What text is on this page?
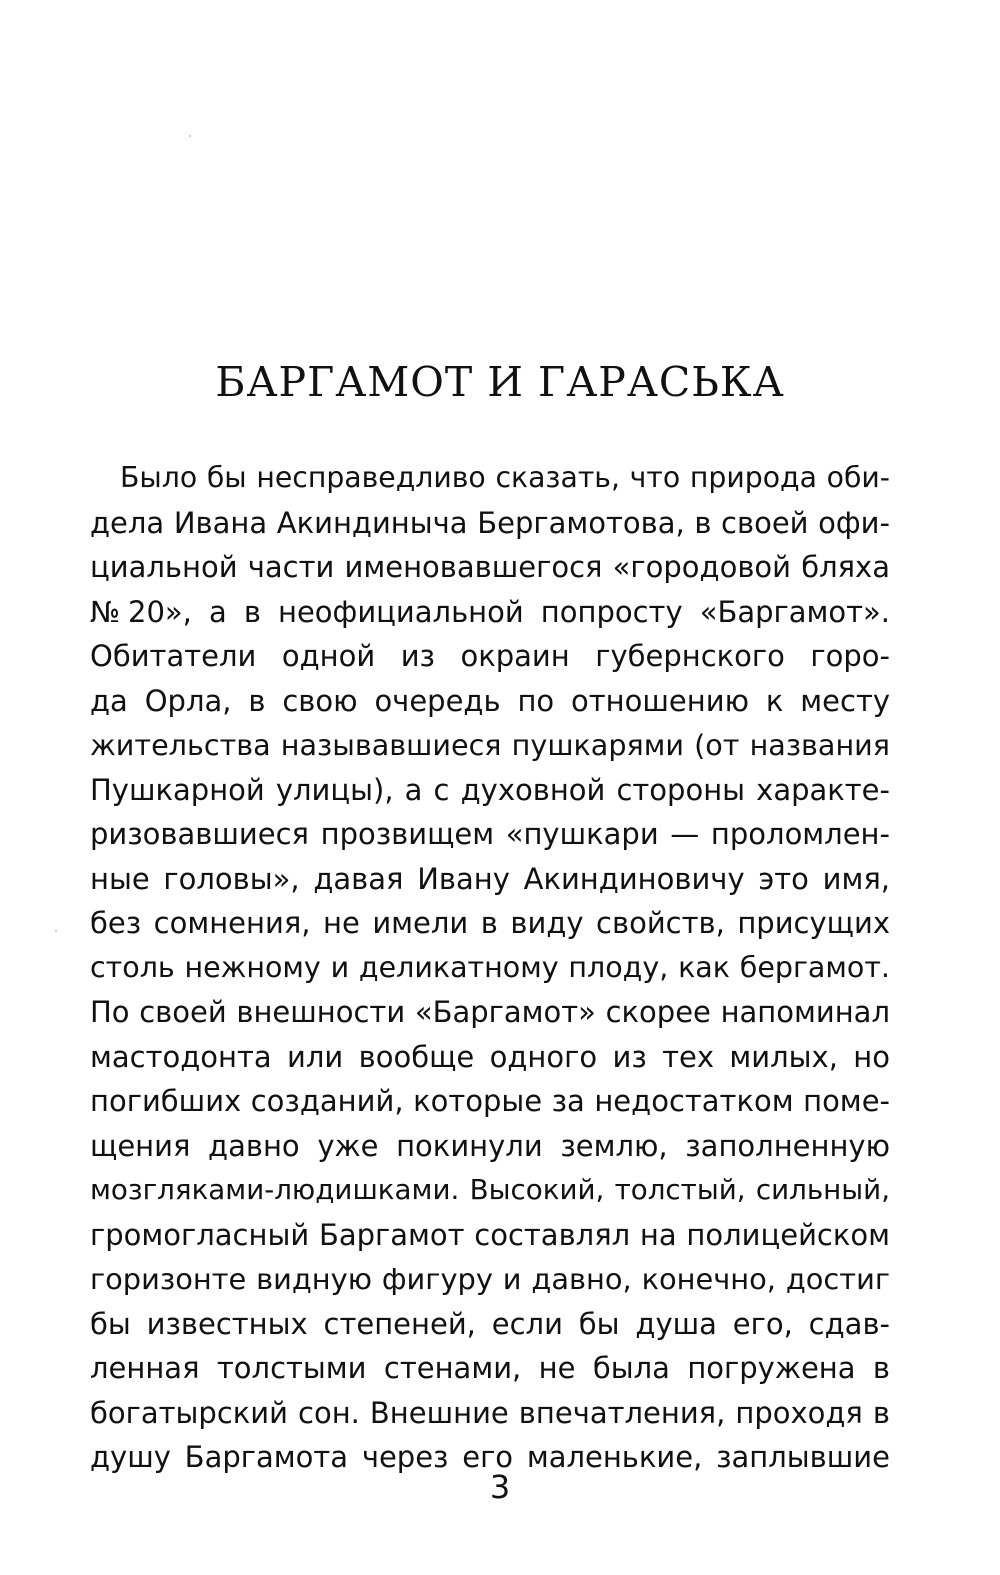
БАРГАМОТ И ГАРАСЬКА
Было бы несправедливо сказать, что природа оби-
дела Ивана Акиндиныча Бергамотова, в своей офи-
циальной части именовавшегося «городовой бляха
№20», а в неофициальной попросту «Баргамот».
Обитатели одной из окраин губернского горо-
да Орла, в свою очередь по отношению к месту
жительства называвшиеся пушкарями (от названия
Пушкарной улицы), а с духовной стороны характе-
ризовавшиеся прозвищем «пушкари — проломлен-
ные головы», давая Ивану Акиндиновичу это имя,
без сомнения, не имели в виду свойств, присущих
столь нежному и деликатному плоду, как бергамот.
По своей внешности «Баргамот» скорее напоминал
мастодонта или вообще одного из тех милых, но
погибших созданий, которые за недостатком поме-
щения давно уже покинули землю, заполненную
мозгляками-людишками. Высокий, толстый, сильный,
громогласный Баргамот составлял на полицейском
горизонте видную фигуру и давно, конечно, достиг
бы известных степеней, если бы душа его, сдав-
ленная толстыми стенами, не была погружена в
богатырский сон. Внешние впечатления, проходя в
душу Баргамота через его маленькие, заплывшие
3
